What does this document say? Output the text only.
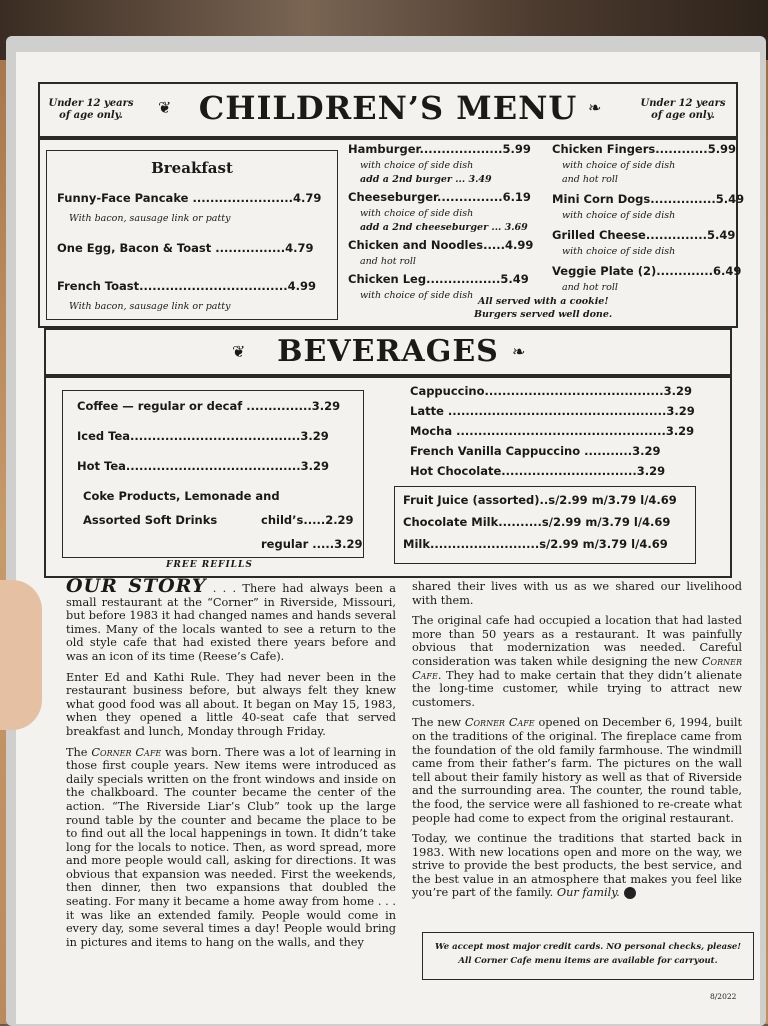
Under 12 years of age only.	❦ CHILDREN’S MENU ❧	Under 12 years of age only.
Breakfast
Funny-Face Pancake .......................4.79
With bacon, sausage link or patty
One Egg, Bacon & Toast ................4.79
French Toast..................................4.99
With bacon, sausage link or patty
Hamburger...................5.99
with choice of side dish
add a 2nd burger ... 3.49
Cheeseburger...............6.19
with choice of side dish
add a 2nd cheeseburger ... 3.69
Chicken and Noodles.....4.99
and hot roll
Chicken Leg.................5.49
with choice of side dish
Chicken Fingers............5.99
with choice of side dish
and hot roll
Mini Corn Dogs...............5.49
with choice of side dish
Grilled Cheese..............5.49
with choice of side dish
Veggie Plate (2).............6.49
and hot roll
All served with a cookie!
Burgers served well done.
❦	BEVERAGES ❧
Coffee — regular or decaf ...............3.29
Iced Tea.......................................3.29
Hot Tea........................................3.29
Coke Products, Lemonade and
Assorted Soft Drinks	child’s.....2.29
regular .....3.29
FREE REFILLS
Cappuccino.........................................3.29
Latte ..................................................3.29
Mocha ................................................3.29
French Vanilla Cappuccino ...........3.29
Hot Chocolate...............................3.29
Fruit Juice (assorted)..s/2.99 m/3.79 l/4.69
Chocolate Milk..........s/2.99 m/3.79 l/4.69
Milk.........................s/2.99 m/3.79 l/4.69

OUR STORY . . . There had always been a small restaurant at the “Corner” in Riverside, Missouri, but before 1983 it had changed names and hands several times. Many of the locals wanted to see a return to the old style cafe that had existed there years before and was an icon of its time (Reese’s Cafe).

Enter Ed and Kathi Rule. They had never been in the restaurant business before, but always felt they knew what good food was all about. It began on May 15, 1983, when they opened a little 40-seat cafe that served breakfast and lunch, Monday through Friday.

The Corner Cafe was born. There was a lot of learning in those first couple years. New items were introduced as daily specials written on the front windows and inside on the chalkboard. The counter became the center of the action. “The Riverside Liar’s Club” took up the large round table by the counter and became the place to be to find out all the local happenings in town. It didn’t take long for the locals to notice. Then, as word spread, more and more people would call, asking for directions. It was obvious that expansion was needed. First the weekends, then dinner, then two expansions that doubled the seating. For many it became a home away from home . . . it was like an extended family. People would come in every day, some several times a day! People would bring in pictures and items to hang on the walls, and they

shared their lives with us as we shared our livelihood with them.

The original cafe had occupied a location that had lasted more than 50 years as a restaurant. It was painfully obvious that modernization was needed. Careful consideration was taken while designing the new Corner Cafe. They had to make certain that they didn’t alienate the long-time customer, while trying to attract new customers.

The new Corner Cafe opened on December 6, 1994, built on the traditions of the original. The fireplace came from the foundation of the old family farmhouse. The windmill came from their father’s farm. The pictures on the wall tell about their family history as well as that of Riverside and the surrounding area. The counter, the round table, the food, the service were all fashioned to re-create what people had come to expect from the original restaurant.

Today, we continue the traditions that started back in 1983. With new locations open and more on the way, we strive to provide the best products, the best service, and the best value in an atmosphere that makes you feel like you’re part of the family. Our family.

We accept most major credit cards. NO personal checks, please!
All Corner Cafe menu items are available for carryout.
8/2022
